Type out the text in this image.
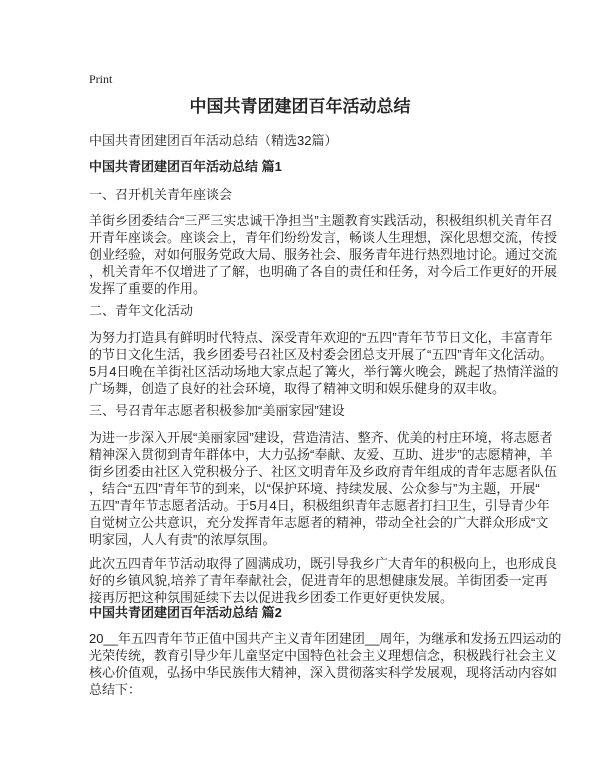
Print
中国共青团建团百年活动总结
中国共青团建团百年活动总结（精选32篇）
中国共青团建团百年活动总结 篇1
一、召开机关青年座谈会
羊街乡团委结合“三严三实忠诚干净担当”主题教育实践活动，积极组织机关青年召
开青年座谈会。座谈会上，青年们纷纷发言，畅谈人生理想，深化思想交流，传授
创业经验，对如何服务党政大局、服务社会、服务青年进行热烈地讨论。通过交流
，机关青年不仅增进了了解，也明确了各自的责任和任务，对今后工作更好的开展
发挥了重要的作用。
二、青年文化活动
为努力打造具有鲜明时代特点、深受青年欢迎的“五四”青年节节日文化，丰富青年
的节日文化生活，我乡团委号召社区及村委会团总支开展了“五四”青年文化活动。
5月4日晚在羊街社区活动场地大家点起了篝火，举行篝火晚会，跳起了热情洋溢的
广场舞，创造了良好的社会环境，取得了精神文明和娱乐健身的双丰收。
三、号召青年志愿者积极参加“美丽家园”建设
为进一步深入开展“美丽家园”建设，营造清洁、整齐、优美的村庄环境，将志愿者
精神深入贯彻到青年群体中，大力弘扬“奉献、友爱、互助、进步”的志愿精神，羊
街乡团委由社区入党积极分子、社区文明青年及乡政府青年组成的青年志愿者队伍
，结合“五四”青年节的到来，以“保护环境、持续发展、公众参与”为主题，开展“
五四”青年节志愿者活动。于5月4日，积极组织青年志愿者打扫卫生，引导青少年
自觉树立公共意识，充分发挥青年志愿者的精神，带动全社会的广大群众形成“文
明家园，人人有责”的浓厚氛围。
此次五四青年节活动取得了圆满成功，既引导我乡广大青年的积极向上，也形成良
好的乡镇风貌,培养了青年奉献社会，促进青年的思想健康发展。羊街团委一定再
接再厉把这种氛围延续下去以促进我乡团委工作更好更快发展。
中国共青团建团百年活动总结 篇2
20__年五四青年节正值中国共产主义青年团建团__周年，为继承和发扬五四运动的
光荣传统，教育引导少年儿童坚定中国特色社会主义理想信念，积极践行社会主义
核心价值观，弘扬中华民族伟大精神，深入贯彻落实科学发展观，现将活动内容如
总结下：
